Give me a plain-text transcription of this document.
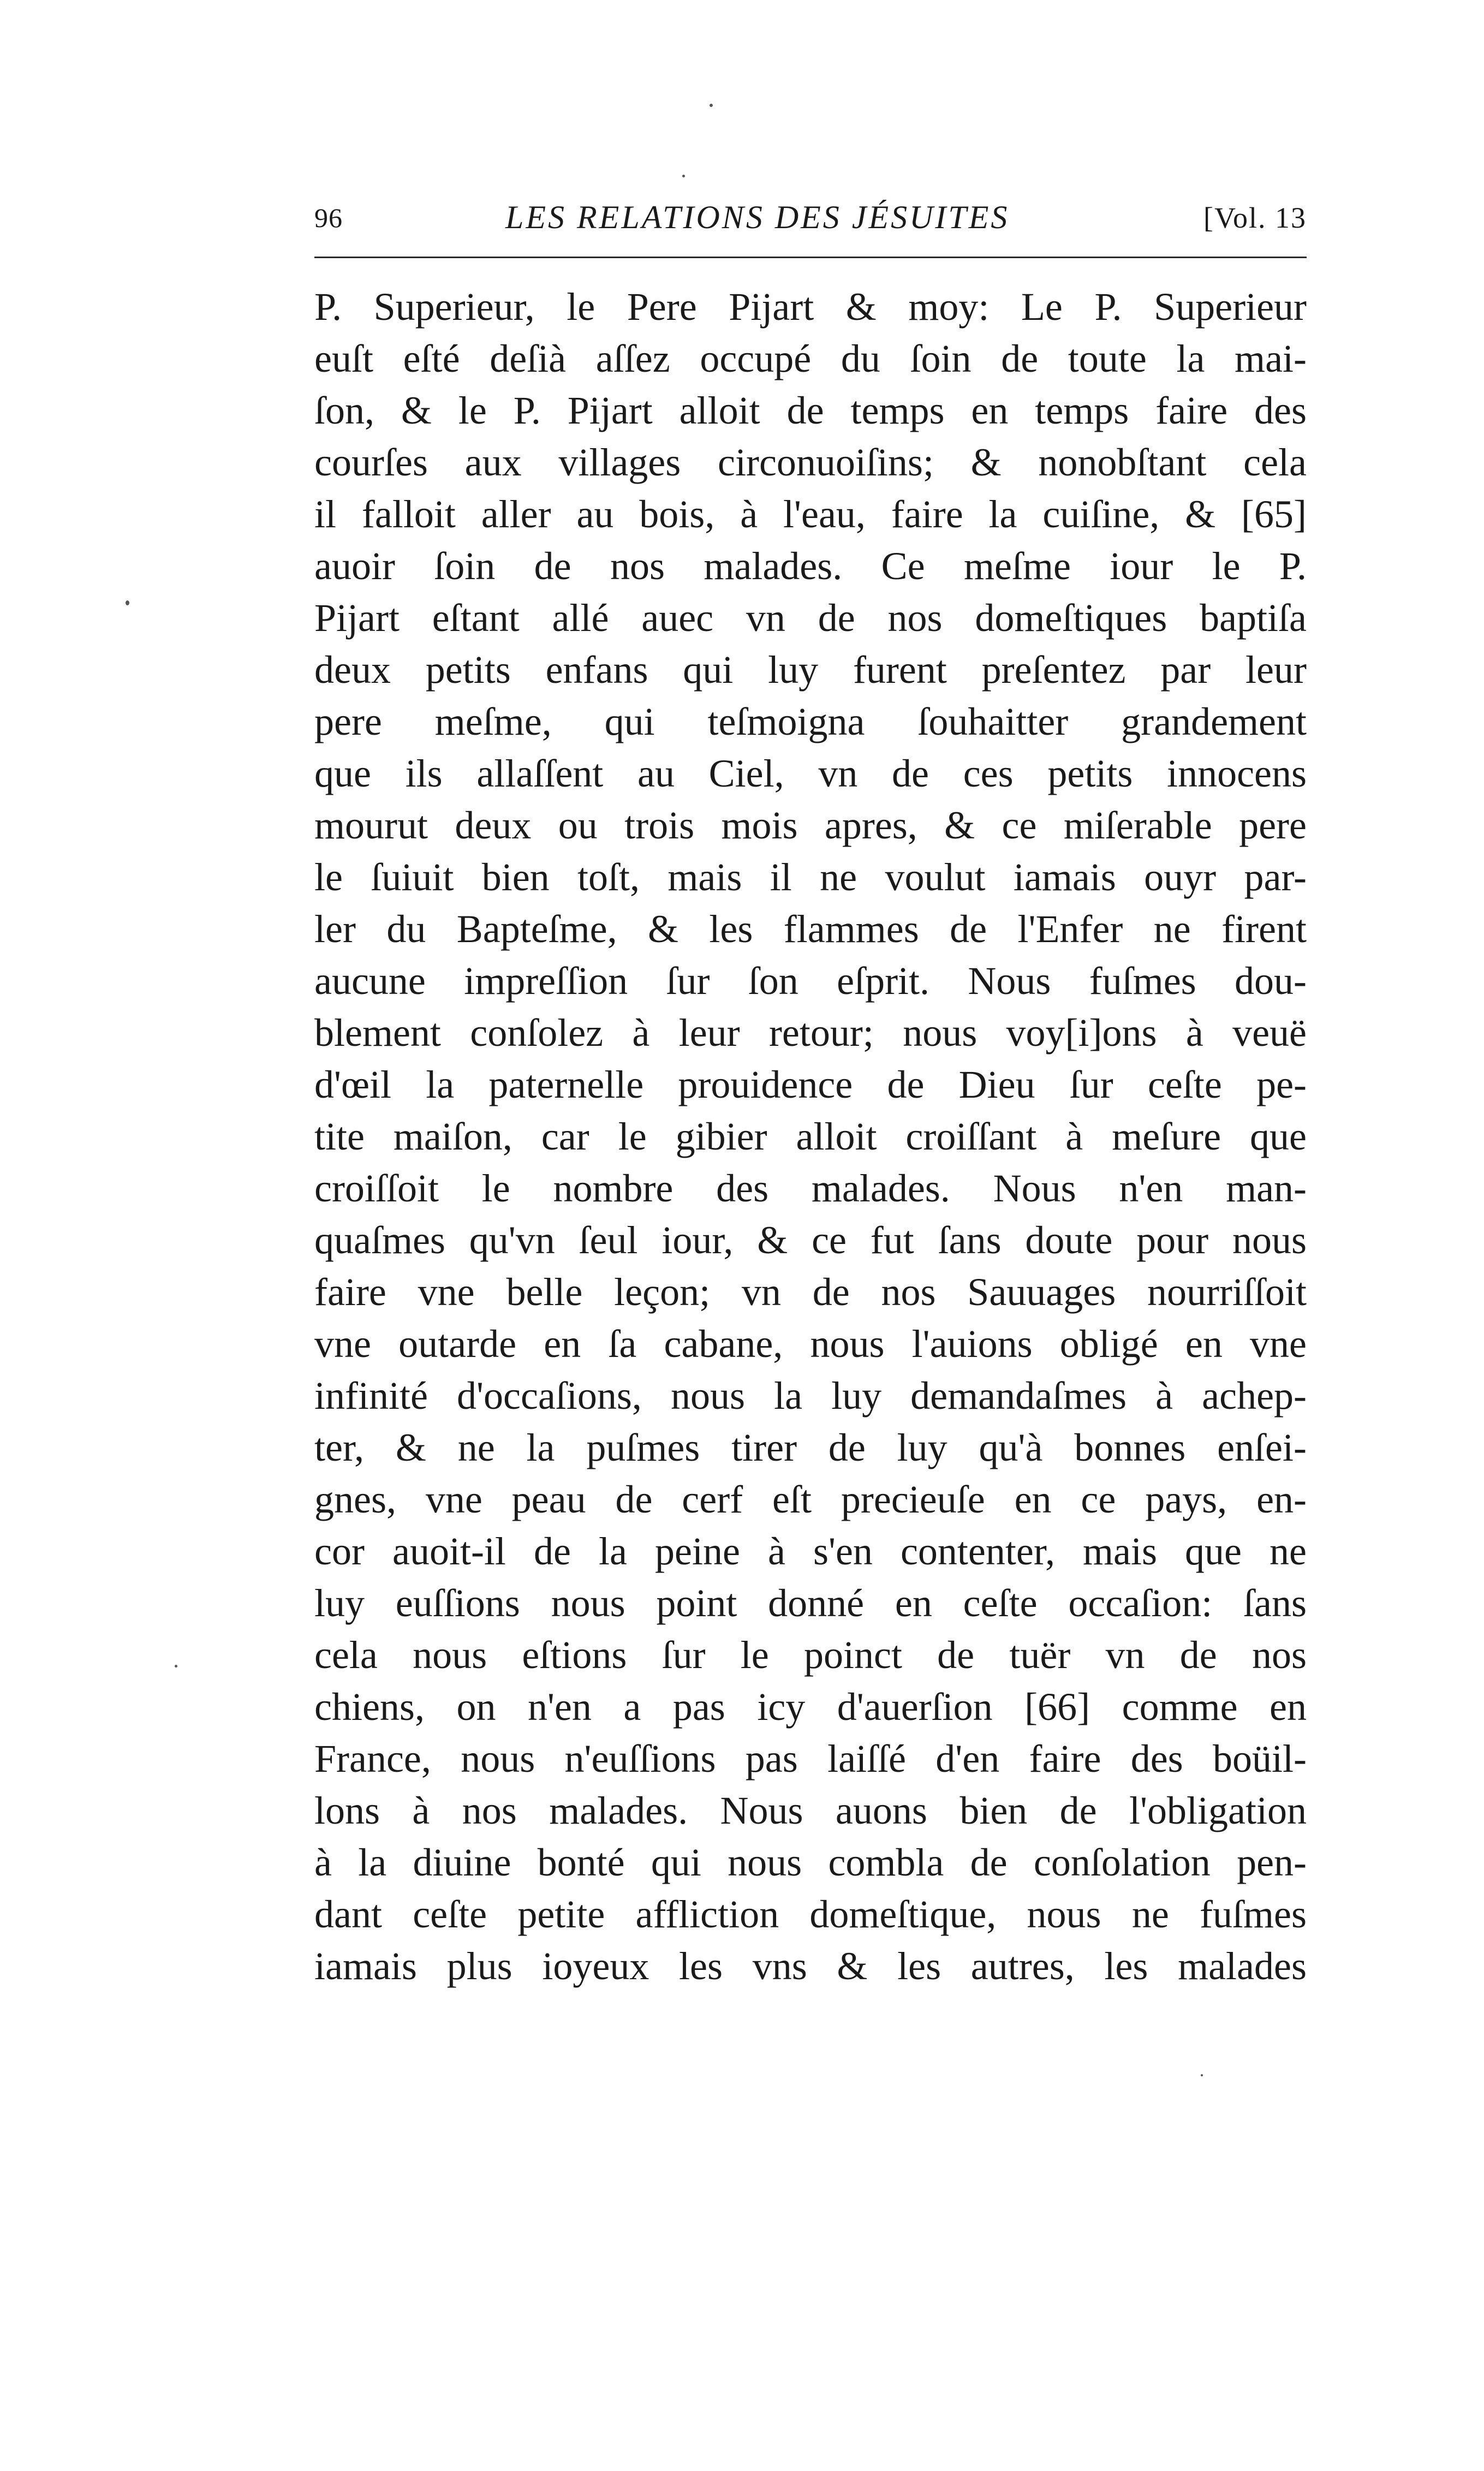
96	LES RELATIONS DES JÉSUITES	[Vol. 13
P. Superieur, le Pere Pijart & moy: Le P. Superieur
euſt eſté deſià aſſez occupé du ſoin de toute la mai-
ſon, & le P. Pijart alloit de temps en temps faire des
courſes aux villages circonuoiſins; & nonobſtant cela
il falloit aller au bois, à l'eau, faire la cuiſine, & [65]
auoir ſoin de nos malades. Ce meſme iour le P.
Pijart eſtant allé auec vn de nos domeſtiques baptiſa
deux petits enfans qui luy furent preſentez par leur
pere meſme, qui teſmoigna ſouhaitter grandement
que ils allaſſent au Ciel, vn de ces petits innocens
mourut deux ou trois mois apres, & ce miſerable pere
le ſuiuit bien toſt, mais il ne voulut iamais ouyr par-
ler du Bapteſme, & les flammes de l'Enfer ne firent
aucune impreſſion ſur ſon eſprit. Nous fuſmes dou-
blement conſolez à leur retour; nous voy[i]ons à veuë
d'œil la paternelle prouidence de Dieu ſur ceſte pe-
tite maiſon, car le gibier alloit croiſſant à meſure que
croiſſoit le nombre des malades. Nous n'en man-
quaſmes qu'vn ſeul iour, & ce fut ſans doute pour nous
faire vne belle leçon; vn de nos Sauuages nourriſſoit
vne outarde en ſa cabane, nous l'auions obligé en vne
infinité d'occaſions, nous la luy demandaſmes à achep-
ter, & ne la puſmes tirer de luy qu'à bonnes enſei-
gnes, vne peau de cerf eſt precieuſe en ce pays, en-
cor auoit-il de la peine à s'en contenter, mais que ne
luy euſſions nous point donné en ceſte occaſion: ſans
cela nous eſtions ſur le poinct de tuër vn de nos
chiens, on n'en a pas icy d'auerſion [66] comme en
France, nous n'euſſions pas laiſſé d'en faire des boüil-
lons à nos malades. Nous auons bien de l'obligation
à la diuine bonté qui nous combla de conſolation pen-
dant ceſte petite affliction domeſtique, nous ne fuſmes
iamais plus ioyeux les vns & les autres, les malades
